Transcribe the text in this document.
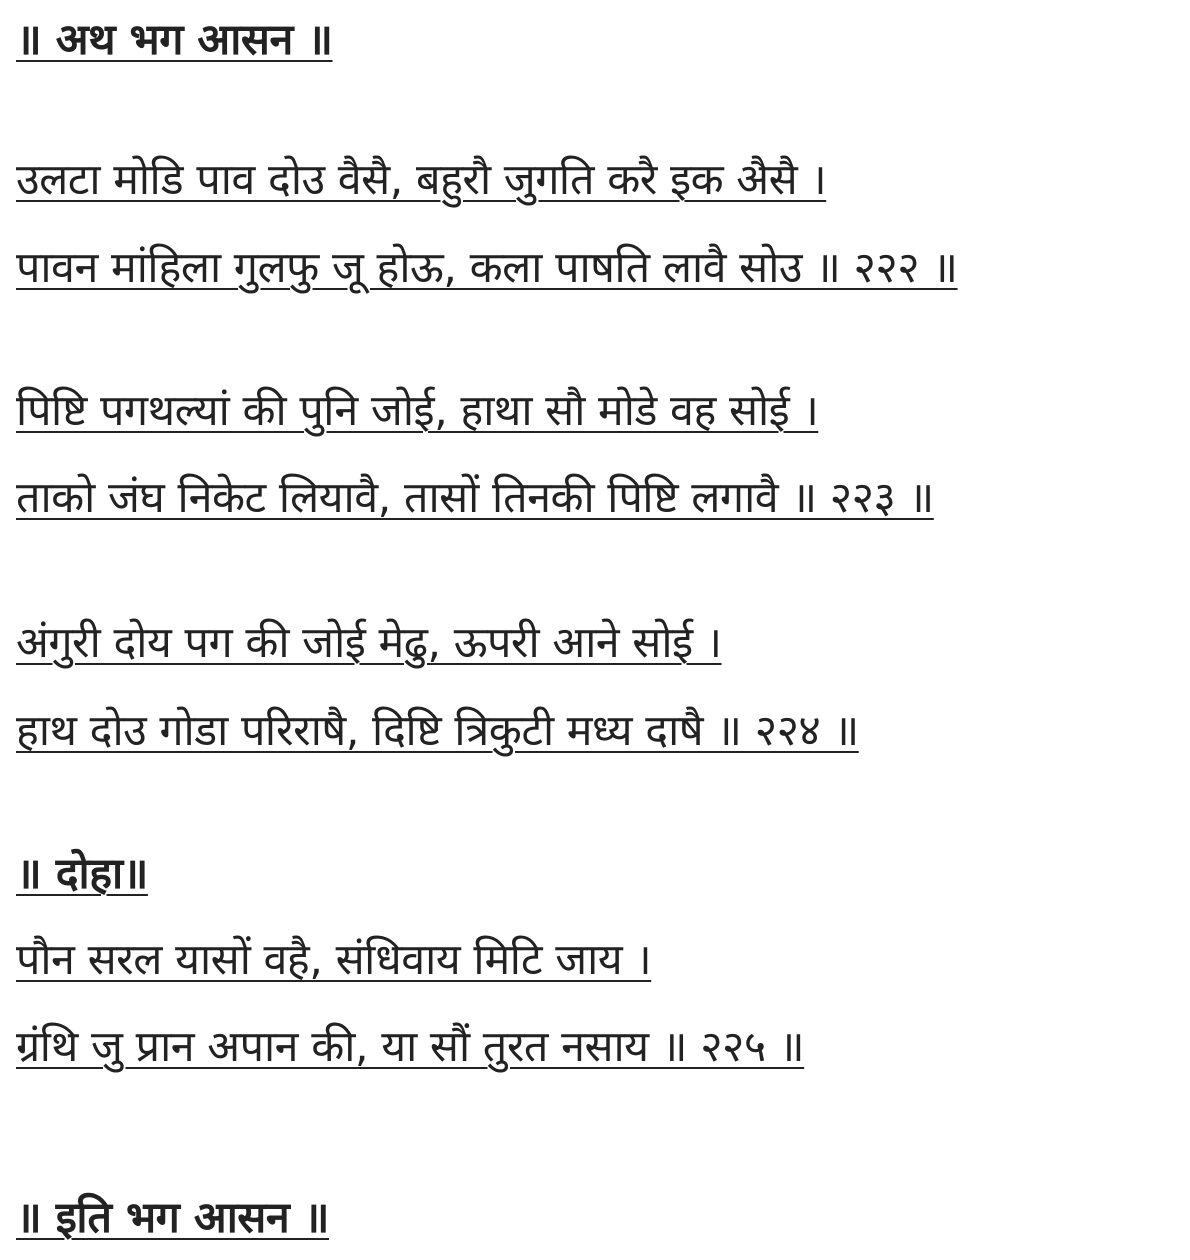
॥ अथ भग आसन ॥
उलटा मोडि पाव दोउ वैसै, बहुरौ जुगति करै इक अैसै ।
पावन मांहिला गुलफु जू होऊ, कला पाषति लावै सोउ ॥ २२२ ॥
पिष्टि पगथल्यां की पुनि जोई, हाथा सौ मोडे वह सोई ।
ताको जंघ निकेट लियावै, तासों तिनकी पिष्टि लगावै ॥ २२३ ॥
अंगुरी दोय पग की जोई मेढु, ऊपरी आने सोई ।
हाथ दोउ गोडा परिराषै, दिष्टि त्रिकुटी मध्य दाषै ॥ २२४ ॥
॥ दोहा॥
पौन सरल यासों वहै, संधिवाय मिटि जाय ।
ग्रंथि जु प्रान अपान की, या सौं तुरत नसाय ॥ २२५ ॥
॥ इति भग आसन ॥
